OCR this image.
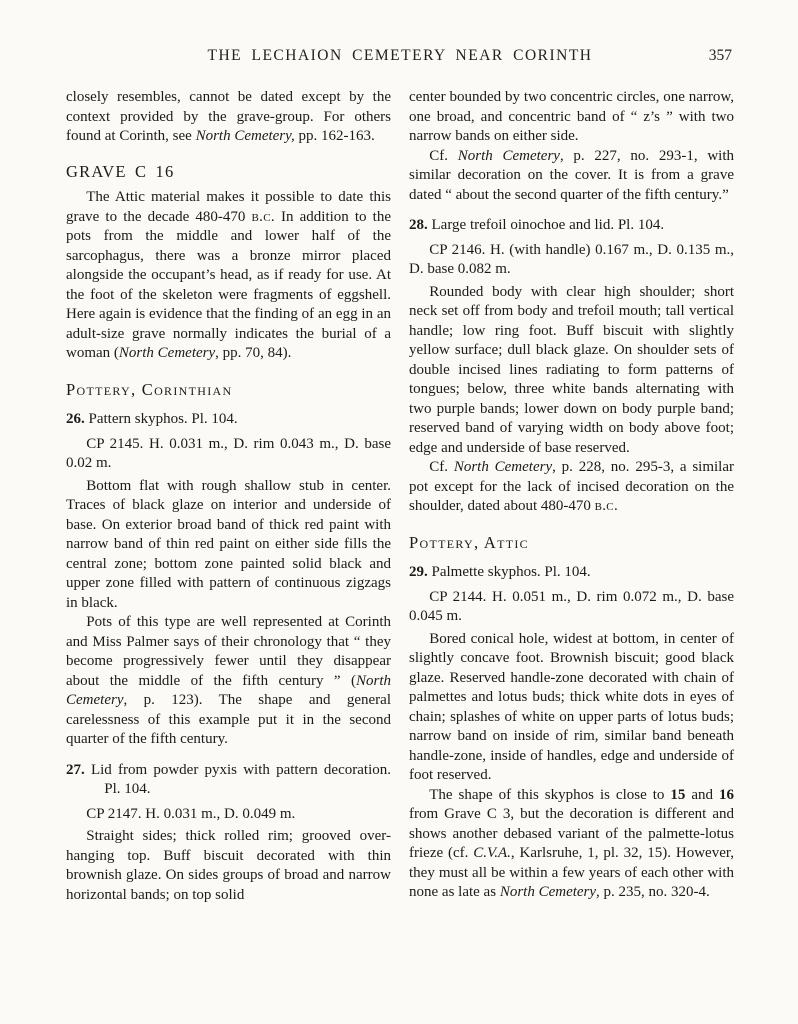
THE LECHAION CEMETERY NEAR CORINTH	357

closely resembles, cannot be dated except by the context provided by the grave-group. For others found at Corinth, see North Cemetery, pp. 162-163.

GRAVE C 16

The Attic material makes it possible to date this grave to the decade 480-470 b.c. In addition to the pots from the middle and lower half of the sarcophagus, there was a bronze mirror placed alongside the occupant’s head, as if ready for use. At the foot of the skeleton were fragments of eggshell. Here again is evidence that the finding of an egg in an adult-size grave normally indicates the burial of a woman (North Cemetery, pp. 70, 84).

Pottery, Corinthian

26. Pattern skyphos. Pl. 104.

CP 2145. H. 0.031 m., D. rim 0.043 m., D. base 0.02 m.

Bottom flat with rough shallow stub in center. Traces of black glaze on interior and underside of base. On exterior broad band of thick red paint with narrow band of thin red paint on either side fills the central zone; bottom zone painted solid black and upper zone filled with pattern of continuous zigzags in black.

Pots of this type are well represented at Corinth and Miss Palmer says of their chronology that “ they become progressively fewer until they disappear about the middle of the fifth century ” (North Cemetery, p. 123). The shape and general carelessness of this example put it in the second quarter of the fifth century.

27. Lid from powder pyxis with pattern decoration. Pl. 104.

CP 2147. H. 0.031 m., D. 0.049 m.

Straight sides; thick rolled rim; grooved over-hanging top. Buff biscuit decorated with thin brownish glaze. On sides groups of broad and narrow horizontal bands; on top solid

center bounded by two concentric circles, one narrow, one broad, and concentric band of “ z’s ” with two narrow bands on either side.

Cf. North Cemetery, p. 227, no. 293-1, with similar decoration on the cover. It is from a grave dated “ about the second quarter of the fifth century.”

28. Large trefoil oinochoe and lid. Pl. 104.

CP 2146. H. (with handle) 0.167 m., D. 0.135 m., D. base 0.082 m.

Rounded body with clear high shoulder; short neck set off from body and trefoil mouth; tall vertical handle; low ring foot. Buff biscuit with slightly yellow surface; dull black glaze. On shoulder sets of double incised lines radiating to form patterns of tongues; below, three white bands alternating with two purple bands; lower down on body purple band; reserved band of varying width on body above foot; edge and underside of base reserved.

Cf. North Cemetery, p. 228, no. 295-3, a similar pot except for the lack of incised decoration on the shoulder, dated about 480-470 b.c.

Pottery, Attic

29. Palmette skyphos. Pl. 104.

CP 2144. H. 0.051 m., D. rim 0.072 m., D. base 0.045 m.

Bored conical hole, widest at bottom, in center of slightly concave foot. Brownish biscuit; good black glaze. Reserved handle-zone decorated with chain of palmettes and lotus buds; thick white dots in eyes of chain; splashes of white on upper parts of lotus buds; narrow band on inside of rim, similar band beneath handle-zone, inside of handles, edge and underside of foot reserved.

The shape of this skyphos is close to 15 and 16 from Grave C 3, but the decoration is different and shows another debased variant of the palmette-lotus frieze (cf. C.V.A., Karlsruhe, 1, pl. 32, 15). However, they must all be within a few years of each other with none as late as North Cemetery, p. 235, no. 320-4.
